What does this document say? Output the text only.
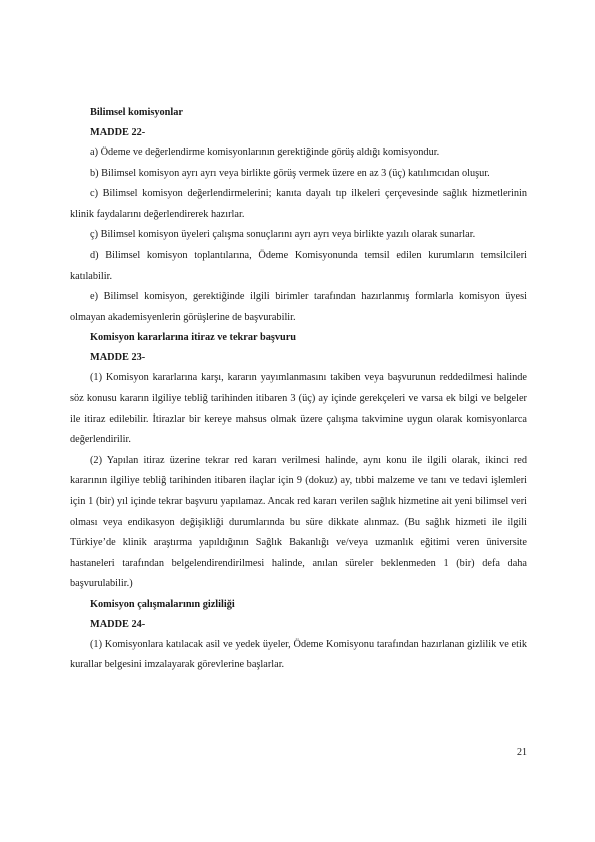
Bilimsel komisyonlar

MADDE 22-

a) Ödeme ve değerlendirme komisyonlarının gerektiğinde görüş aldığı komisyondur.

b) Bilimsel komisyon ayrı ayrı veya birlikte görüş vermek üzere en az 3 (üç) katılımcıdan oluşur.

c) Bilimsel komisyon değerlendirmelerini; kanıta dayalı tıp ilkeleri çerçevesinde sağlık hizmetlerinin klinik faydalarını değerlendirerek hazırlar.

ç) Bilimsel komisyon üyeleri çalışma sonuçlarını ayrı ayrı veya birlikte yazılı olarak sunarlar.

d) Bilimsel komisyon toplantılarına, Ödeme Komisyonunda temsil edilen kurumların temsilcileri katılabilir.

e) Bilimsel komisyon, gerektiğinde ilgili birimler tarafından hazırlanmış formlarla komisyon üyesi olmayan akademisyenlerin görüşlerine de başvurabilir.

Komisyon kararlarına itiraz ve tekrar başvuru

MADDE 23-

(1) Komisyon kararlarına karşı, kararın yayımlanmasını takiben veya başvurunun reddedilmesi halinde söz konusu kararın ilgiliye tebliğ tarihinden itibaren 3 (üç) ay içinde gerekçeleri ve varsa ek bilgi ve belgeler ile itiraz edilebilir. İtirazlar bir kereye mahsus olmak üzere çalışma takvimine uygun olarak komisyonlarca değerlendirilir.

(2) Yapılan itiraz üzerine tekrar red kararı verilmesi halinde, aynı konu ile ilgili olarak, ikinci red kararının ilgiliye tebliğ tarihinden itibaren ilaçlar için 9 (dokuz) ay, tıbbi malzeme ve tanı ve tedavi işlemleri için 1 (bir) yıl içinde tekrar başvuru yapılamaz. Ancak red kararı verilen sağlık hizmetine ait yeni bilimsel veri olması veya endikasyon değişikliği durumlarında bu süre dikkate alınmaz. (Bu sağlık hizmeti ile ilgili Türkiye’de klinik araştırma yapıldığının Sağlık Bakanlığı ve/veya uzmanlık eğitimi veren üniversite hastaneleri tarafından belgelendirendirilmesi halinde, anılan süreler beklenmeden 1 (bir) defa daha başvurulabilir.)

Komisyon çalışmalarının gizliliği

MADDE 24-

(1) Komisyonlara katılacak asil ve yedek üyeler, Ödeme Komisyonu tarafından hazırlanan gizlilik ve etik kurallar belgesini imzalayarak görevlerine başlarlar.

21
